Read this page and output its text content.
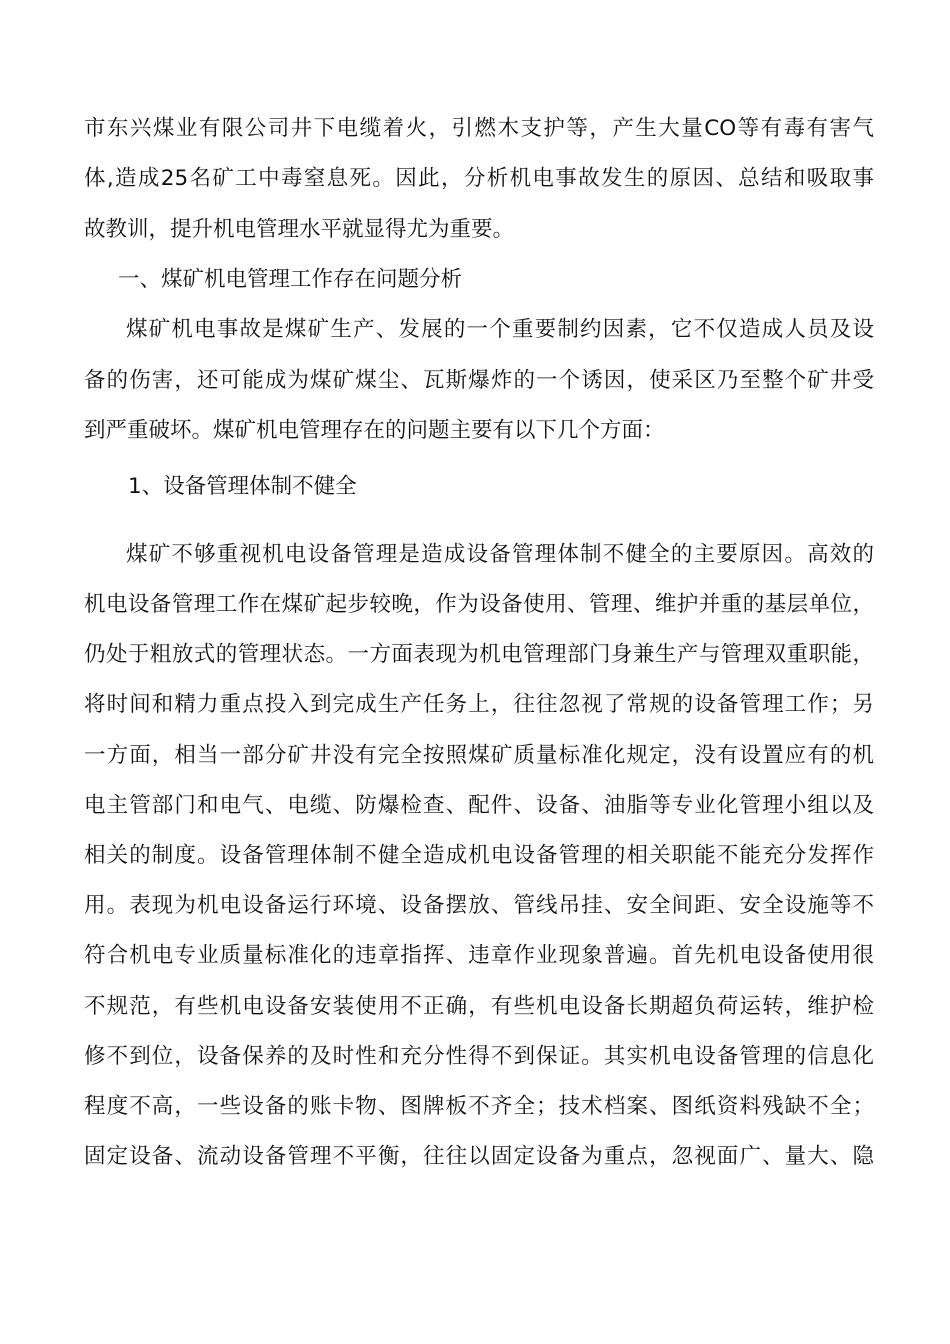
市东兴煤业有限公司井下电缆着火，引燃木支护等，产生大量CO等有毒有害气
体,造成25名矿工中毒窒息死。因此，分析机电事故发生的原因、总结和吸取事
故教训，提升机电管理水平就显得尤为重要。
一、煤矿机电管理工作存在问题分析
煤矿机电事故是煤矿生产、发展的一个重要制约因素，它不仅造成人员及设
备的伤害，还可能成为煤矿煤尘、瓦斯爆炸的一个诱因，使采区乃至整个矿井受
到严重破坏。煤矿机电管理存在的问题主要有以下几个方面：
1、设备管理体制不健全
煤矿不够重视机电设备管理是造成设备管理体制不健全的主要原因。高效的
机电设备管理工作在煤矿起步较晚，作为设备使用、管理、维护并重的基层单位，
仍处于粗放式的管理状态。一方面表现为机电管理部门身兼生产与管理双重职能，
将时间和精力重点投入到完成生产任务上，往往忽视了常规的设备管理工作；另
一方面，相当一部分矿井没有完全按照煤矿质量标准化规定，没有设置应有的机
电主管部门和电气、电缆、防爆检查、配件、设备、油脂等专业化管理小组以及
相关的制度。设备管理体制不健全造成机电设备管理的相关职能不能充分发挥作
用。表现为机电设备运行环境、设备摆放、管线吊挂、安全间距、安全设施等不
符合机电专业质量标准化的违章指挥、违章作业现象普遍。首先机电设备使用很
不规范，有些机电设备安装使用不正确，有些机电设备长期超负荷运转，维护检
修不到位，设备保养的及时性和充分性得不到保证。其实机电设备管理的信息化
程度不高，一些设备的账卡物、图牌板不齐全；技术档案、图纸资料残缺不全；
固定设备、流动设备管理不平衡，往往以固定设备为重点，忽视面广、量大、隐
